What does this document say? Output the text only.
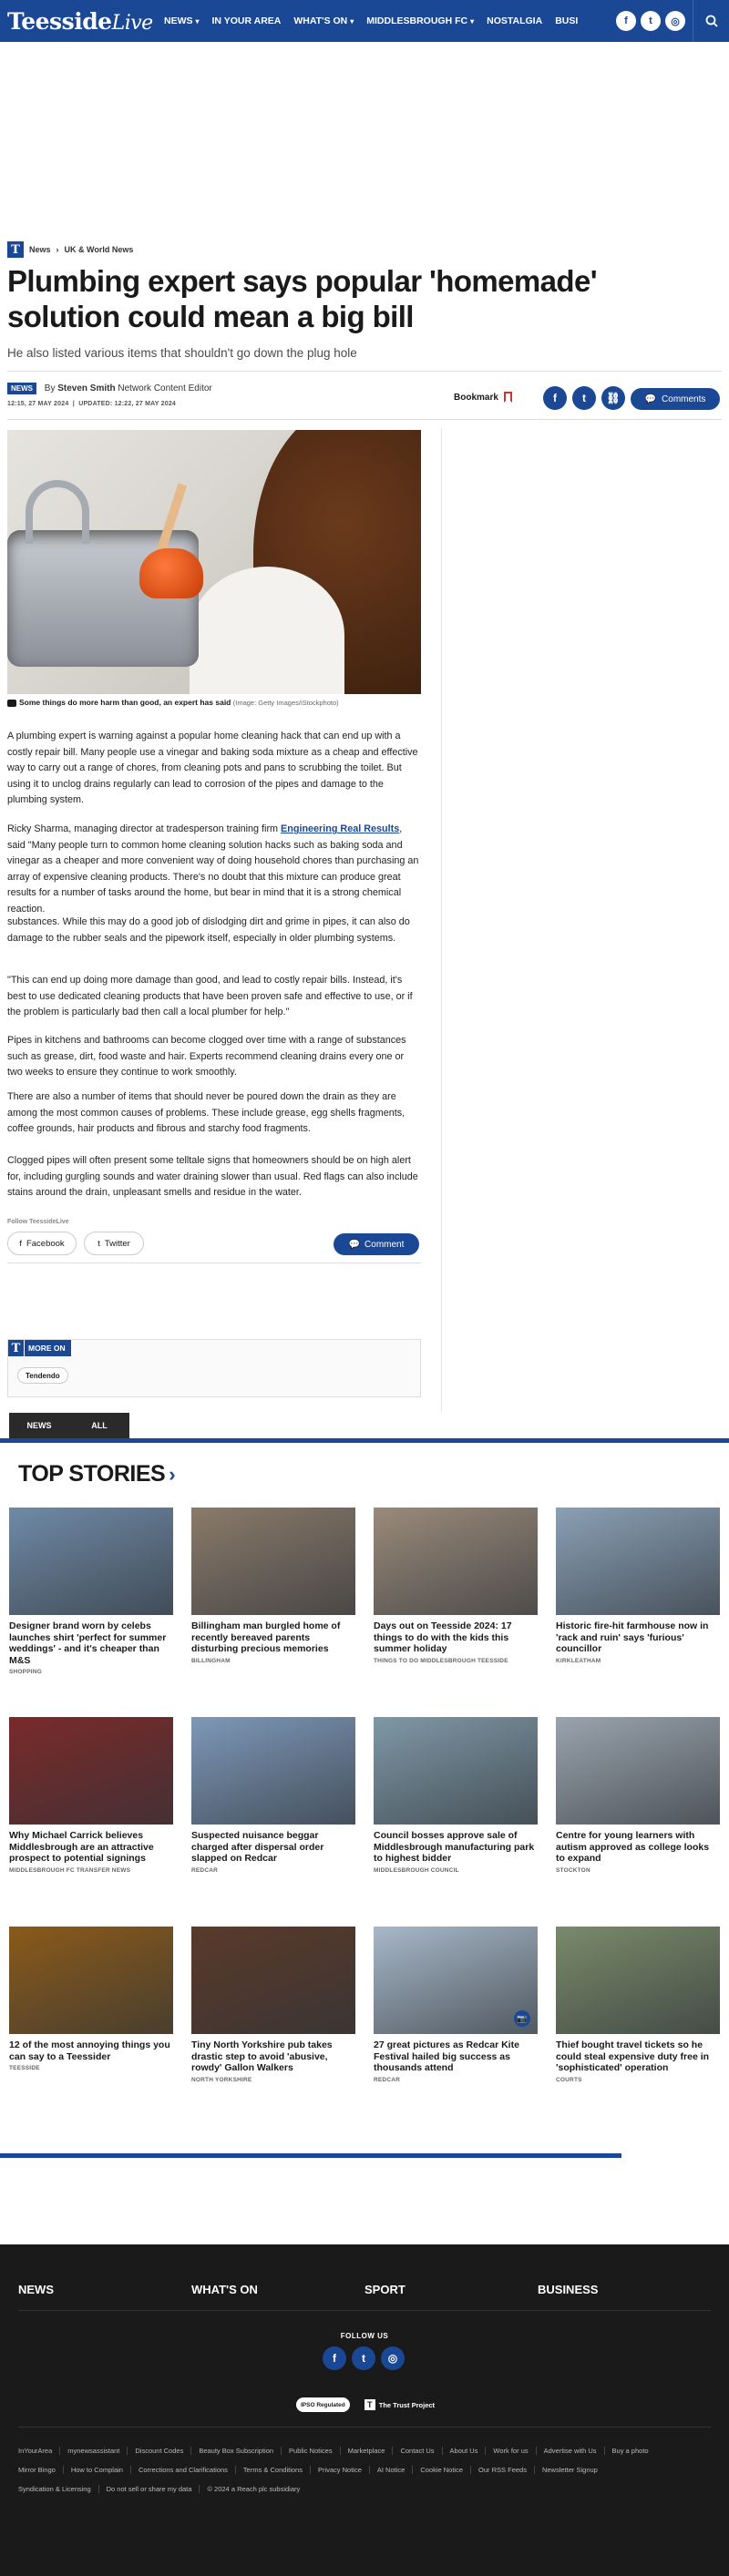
TeessideLive	NEWS ▾ IN YOUR AREA WHAT'S ON ▾ MIDDLESBROUGH FC ▾ NOSTALGIA BUSI	f	t	◎
T	News › UK & World News
Plumbing expert says popular 'homemade' solution could mean a big bill
He also listed various items that shouldn't go down the plug hole
NEWS By Steven Smith Network Content Editor
12:15, 27 MAY 2024  |  UPDATED: 12:22, 27 MAY 2024
Bookmark	f	t	⛓	💬 Comments
Some things do more harm than good, an expert has said (Image: Getty Images/iStockphoto)

A plumbing expert is warning against a popular home cleaning hack that can end up with a costly repair bill. Many people use a vinegar and baking soda mixture as a cheap and effective way to carry out a range of chores, from cleaning pots and pans to scrubbing the toilet. But using it to unclog drains regularly can lead to corrosion of the pipes and damage to the plumbing system.

Ricky Sharma, managing director at tradesperson training firm Engineering Real Results, said "Many people turn to common home cleaning solution hacks such as baking soda and vinegar as a cheaper and more convenient way of doing household chores than purchasing an array of expensive cleaning products. There's no doubt that this mixture can produce great results for a number of tasks around the home, but bear in mind that it is a strong chemical reaction.

substances. While this may do a good job of dislodging dirt and grime in pipes, it can also do damage to the rubber seals and the pipework itself, especially in older plumbing systems.

"This can end up doing more damage than good, and lead to costly repair bills. Instead, it's best to use dedicated cleaning products that have been proven safe and effective to use, or if the problem is particularly bad then call a local plumber for help."

Pipes in kitchens and bathrooms can become clogged over time with a range of substances such as grease, dirt, food waste and hair. Experts recommend cleaning drains every one or two weeks to ensure they continue to work smoothly.

There are also a number of items that should never be poured down the drain as they are among the most common causes of problems. These include grease, egg shells fragments, coffee grounds, hair products and fibrous and starchy food fragments.

Clogged pipes will often present some telltale signs that homeowners should be on high alert for, including gurgling sounds and water draining slower than usual. Red flags can also include stains around the drain, unpleasant smells and residue in the water.

Follow TeessideLive
f Facebook	t Twitter	💬 Comment
T	MORE ON
Tendendo
NEWS	ALL
TOP STORIES ›
Designer brand worn by celebs launches shirt 'perfect for summer weddings' - and it's cheaper than M&S
SHOPPING
Billingham man burgled home of recently bereaved parents disturbing precious memories
BILLINGHAM
Days out on Teesside 2024: 17 things to do with the kids this summer holiday
THINGS TO DO MIDDLESBROUGH TEESSIDE
Historic fire-hit farmhouse now in 'rack and ruin' says 'furious' councillor
KIRKLEATHAM
Why Michael Carrick believes Middlesbrough are an attractive prospect to potential signings
MIDDLESBROUGH FC TRANSFER NEWS
Suspected nuisance beggar charged after dispersal order slapped on Redcar
REDCAR
Council bosses approve sale of Middlesbrough manufacturing park to highest bidder
MIDDLESBROUGH COUNCIL
Centre for young learners with autism approved as college looks to expand
STOCKTON
12 of the most annoying things you can say to a Teessider
TEESSIDE
Tiny North Yorkshire pub takes drastic step to avoid 'abusive, rowdy' Gallon Walkers
NORTH YORKSHIRE
📷
27 great pictures as Redcar Kite Festival hailed big success as thousands attend
REDCAR
Thief bought travel tickets so he could steal expensive duty free in 'sophisticated' operation
COURTS
NEWS	WHAT'S ON	SPORT	BUSINESS
FOLLOW US
f	t	◎
IPSO Regulated	T The Trust Project
InYourArea	mynewsassistant	Discount Codes	Beauty Box Subscription	Public Notices	Marketplace	Contact Us	About Us	Work for us	Advertise with Us	Buy a photo
Mirror Bingo	How to Complain	Corrections and Clarifications	Terms & Conditions	Privacy Notice	AI Notice	Cookie Notice	Our RSS Feeds	Newsletter Signup
Syndication & Licensing	Do not sell or share my data	© 2024 a Reach plc subsidiary
